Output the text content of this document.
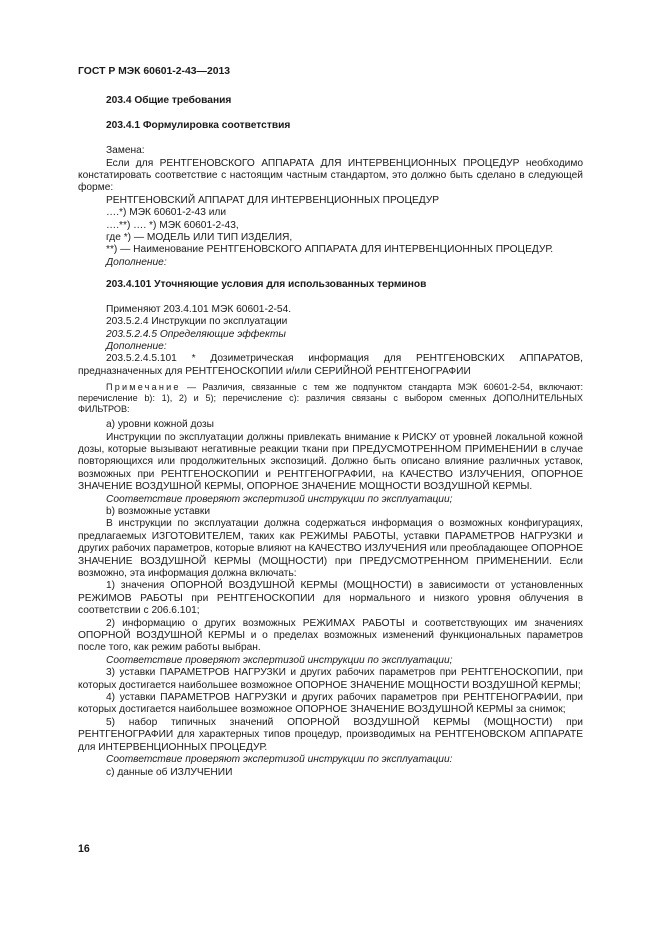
ГОСТ Р МЭК 60601-2-43—2013
203.4 Общие требования
203.4.1 Формулировка соответствия

Замена:

Если для РЕНТГЕНОВСКОГО АППАРАТА ДЛЯ ИНТЕРВЕНЦИОННЫХ ПРОЦЕДУР необходимо констатировать соответствие с настоящим частным стандартом, это должно быть сделано в следующей форме:

РЕНТГЕНОВСКИЙ АППАРАТ ДЛЯ ИНТЕРВЕНЦИОННЫХ ПРОЦЕДУР

….*) МЭК 60601-2-43 или

….**) …. *) МЭК 60601-2-43,

где *) — МОДЕЛЬ ИЛИ ТИП ИЗДЕЛИЯ,

**) — Наименование РЕНТГЕНОВСКОГО АППАРАТА ДЛЯ ИНТЕРВЕНЦИОННЫХ ПРОЦЕДУР.

Дополнение:

203.4.101 Уточняющие условия для использованных терминов

Применяют 203.4.101 МЭК 60601-2-54.

203.5.2.4 Инструкции по эксплуатации

203.5.2.4.5 Определяющие эффекты

Дополнение:

203.5.2.4.5.101 * Дозиметрическая информация для РЕНТГЕНОВСКИХ АППАРАТОВ, предназначенных для РЕНТГЕНОСКОПИИ и/или СЕРИЙНОЙ РЕНТГЕНОГРАФИИ

Примечание — Различия, связанные с тем же подпунктом стандарта МЭК 60601-2-54, включают: перечисление b): 1), 2) и 5); перечисление с): различия связаны с выбором сменных ДОПОЛНИТЕЛЬНЫХ ФИЛЬТРОВ:

а) уровни кожной дозы

Инструкции по эксплуатации должны привлекать внимание к РИСКУ от уровней локальной кожной дозы, которые вызывают негативные реакции ткани при ПРЕДУСМОТРЕННОМ ПРИМЕНЕНИИ в случае повторяющихся или продолжительных экспозиций. Должно быть описано влияние различных уставок, возможных при РЕНТГЕНОСКОПИИ и РЕНТГЕНОГРАФИИ, на КАЧЕСТВО ИЗЛУЧЕНИЯ, ОПОРНОЕ ЗНАЧЕНИЕ ВОЗДУШНОЙ КЕРМЫ, ОПОРНОЕ ЗНАЧЕНИЕ МОЩНОСТИ ВОЗДУШНОЙ КЕРМЫ.

Соответствие проверяют экспертизой инструкции по эксплуатации;

b) возможные уставки

В инструкции по эксплуатации должна содержаться информация о возможных конфигурациях, предлагаемых ИЗГОТОВИТЕЛЕМ, таких как РЕЖИМЫ РАБОТЫ, уставки ПАРАМЕТРОВ НАГРУЗКИ и других рабочих параметров, которые влияют на КАЧЕСТВО ИЗЛУЧЕНИЯ или преобладающее ОПОРНОЕ ЗНАЧЕНИЕ ВОЗДУШНОЙ КЕРМЫ (МОЩНОСТИ) при ПРЕДУСМОТРЕННОМ ПРИМЕНЕНИИ. Если возможно, эта информация должна включать:

1) значения ОПОРНОЙ ВОЗДУШНОЙ КЕРМЫ (МОЩНОСТИ) в зависимости от установленных РЕЖИМОВ РАБОТЫ при РЕНТГЕНОСКОПИИ для нормального и низкого уровня облучения в соответствии с 206.6.101;

2) информацию о других возможных РЕЖИМАХ РАБОТЫ и соответствующих им значениях ОПОРНОЙ ВОЗДУШНОЙ КЕРМЫ и о пределах возможных изменений функциональных параметров после того, как режим работы выбран.

Соответствие проверяют экспертизой инструкции по эксплуатации;

3) уставки ПАРАМЕТРОВ НАГРУЗКИ и других рабочих параметров при РЕНТГЕНОСКОПИИ, при которых достигается наибольшее возможное ОПОРНОЕ ЗНАЧЕНИЕ МОЩНОСТИ ВОЗДУШНОЙ КЕРМЫ;

4) уставки ПАРАМЕТРОВ НАГРУЗКИ и других рабочих параметров при РЕНТГЕНОГРАФИИ, при которых достигается наибольшее возможное ОПОРНОЕ ЗНАЧЕНИЕ ВОЗДУШНОЙ КЕРМЫ за снимок;

5) набор типичных значений ОПОРНОЙ ВОЗДУШНОЙ КЕРМЫ (МОЩНОСТИ) при РЕНТГЕНОГРАФИИ для характерных типов процедур, производимых на РЕНТГЕНОВСКОМ АППАРАТЕ для ИНТЕРВЕНЦИОННЫХ ПРОЦЕДУР.

Соответствие проверяют экспертизой инструкции по эксплуатации:

с) данные об ИЗЛУЧЕНИИ

16
